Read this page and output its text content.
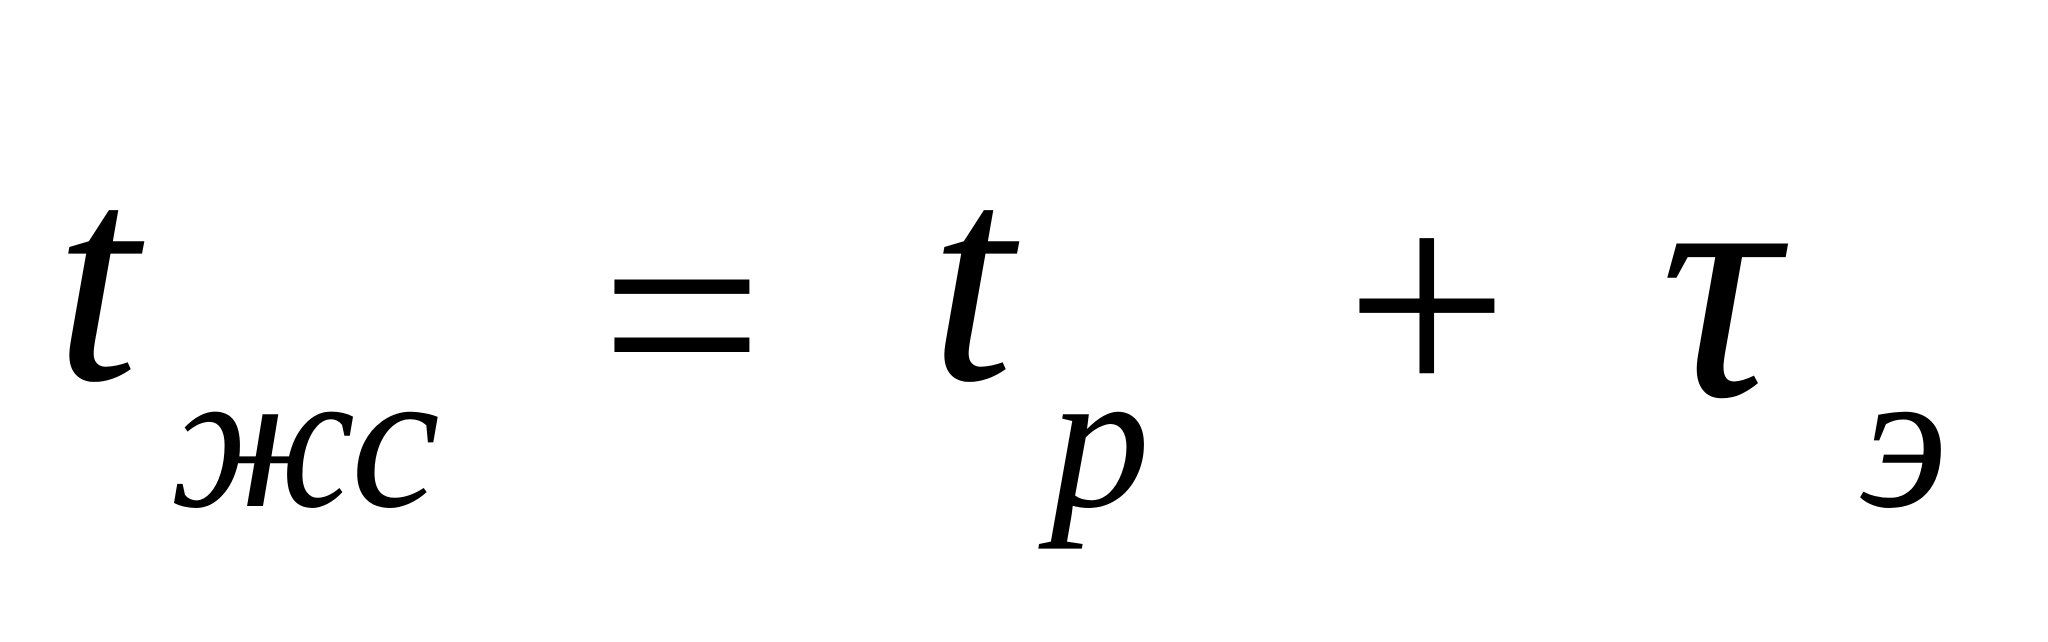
t жс = t р + τ э
